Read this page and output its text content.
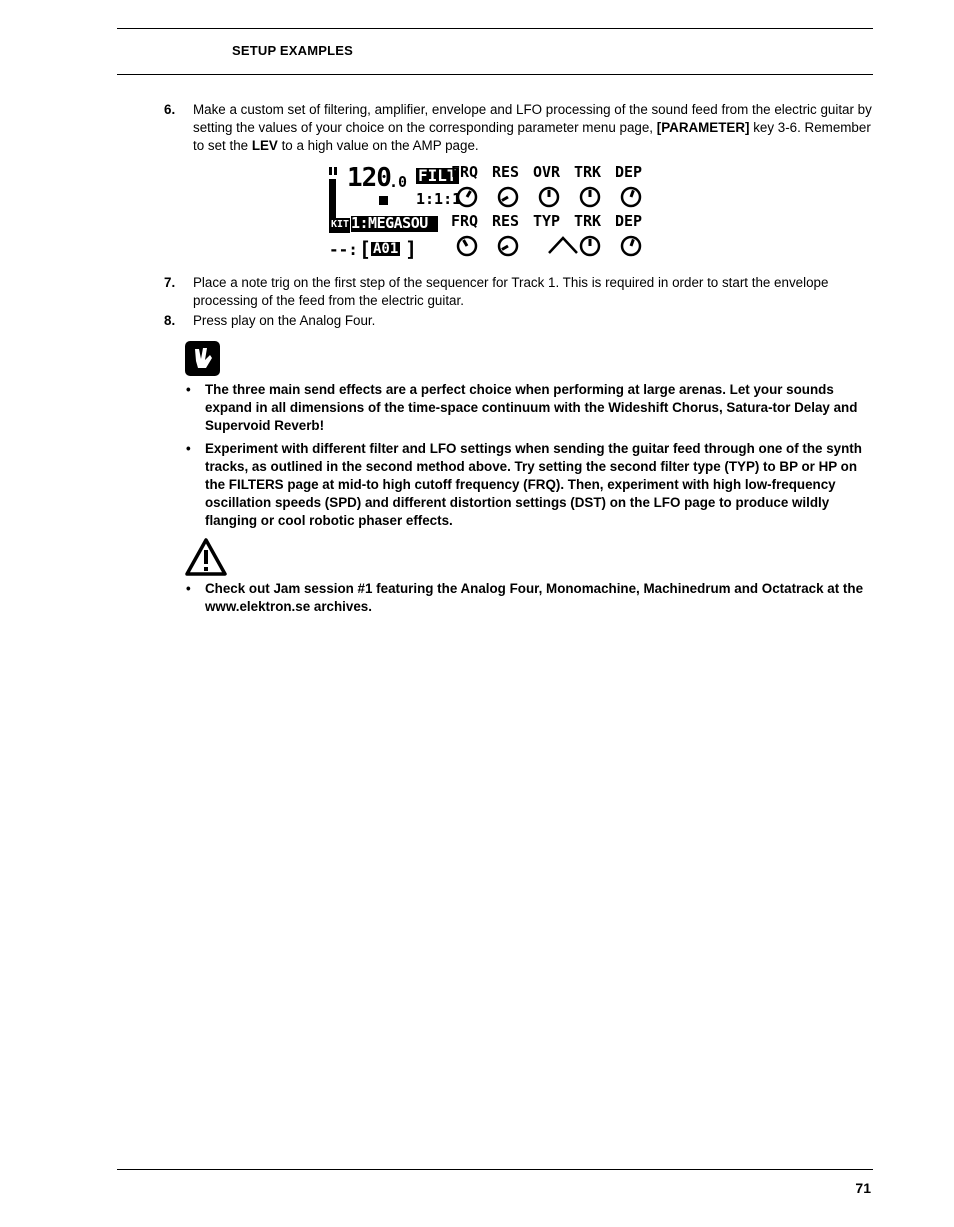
SETUP EXAMPLES
6. Make a custom set of filtering, amplifier, envelope and LFO processing of the sound feed from the electric guitar by setting the values of your choice on the corresponding parameter menu page, [PARAMETER] key 3-6. Remember to set the LEV to a high value on the AMP page.
120
.0 FILT
1:1:1
KIT 1:MEGASOU
--: [ A01 ]
FRQ RES OVR TRK DEP
FRQ RES TYP TRK DEP
7. Place a note trig on the first step of the sequencer for Track 1. This is required in order to start the envelope processing of the feed from the electric guitar.
8. Press play on the Analog Four.
• The three main send effects are a perfect choice when performing at large arenas. Let your sounds expand in all dimensions of the time-space continuum with the Wideshift Chorus, Satura-tor Delay and Supervoid Reverb!
• Experiment with different filter and LFO settings when sending the guitar feed through one of the synth tracks, as outlined in the second method above. Try setting the second filter type (TYP) to BP or HP on the FILTERS page at mid-to high cutoff frequency (FRQ). Then, experiment with high low-frequency oscillation speeds (SPD) and different distortion settings (DST) on the LFO page to produce wildly flanging or cool robotic phaser effects.
• Check out Jam session #1 featuring the Analog Four, Monomachine, Machinedrum and Octatrack at the www.elektron.se archives.
71
